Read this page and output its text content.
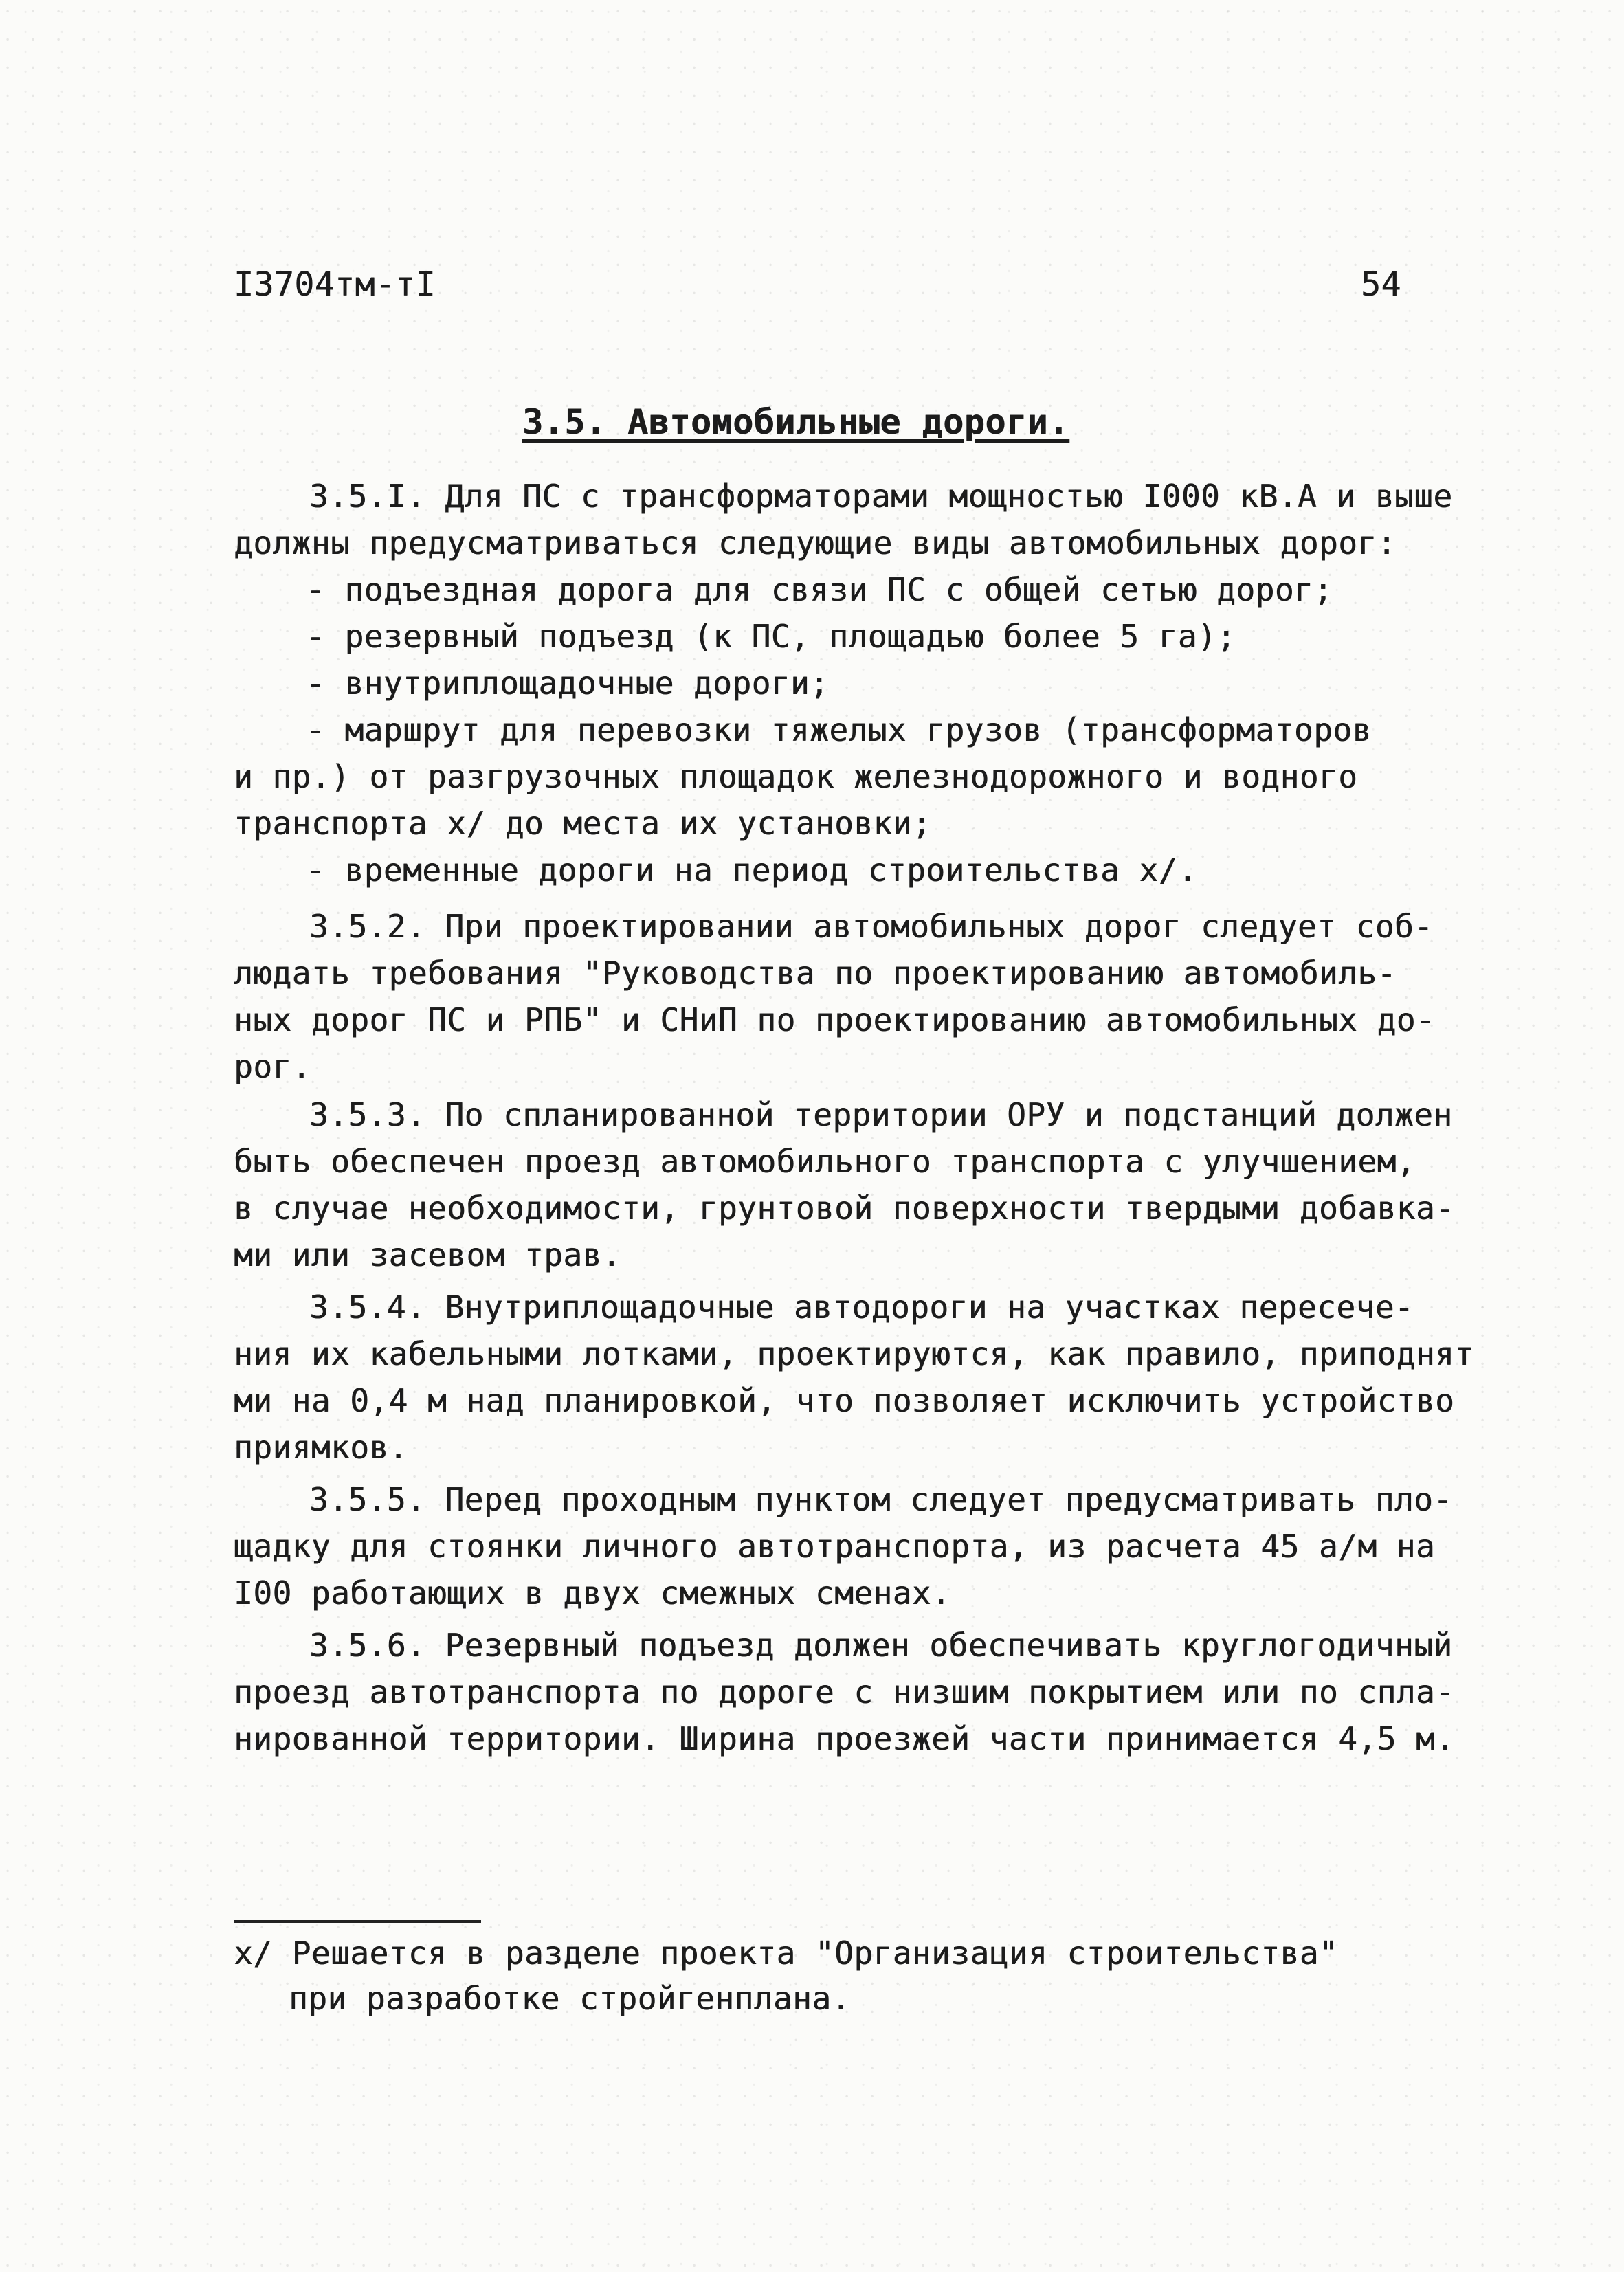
I3704тм-тI	54
3.5. Автомобильные дороги.
3.5.I. Для ПС с трансформаторами мощностью I000 кВ.А и выше
должны предусматриваться следующие виды автомобильных дорог:
- подъездная дорога для связи ПС с общей сетью дорог;
- резервный подъезд (к ПС, площадью более 5 га);
- внутриплощадочные дороги;
- маршрут для перевозки тяжелых грузов (трансформаторов
и пр.) от разгрузочных площадок железнодорожного и водного
транспорта х/ до места их установки;
- временные дороги на период строительства х/.
3.5.2. При проектировании автомобильных дорог следует соб-
людать требования "Руководства по проектированию автомобиль-
ных дорог ПС и РПБ" и СНиП по проектированию автомобильных до-
рог.
3.5.3. По спланированной территории ОРУ и подстанций должен
быть обеспечен проезд автомобильного транспорта с улучшением,
в случае необходимости, грунтовой поверхности твердыми добавка-
ми или засевом трав.
3.5.4. Внутриплощадочные автодороги на участках пересече-
ния их кабельными лотками, проектируются, как правило, приподнят
ми на 0,4 м над планировкой, что позволяет исключить устройство
приямков.
3.5.5. Перед проходным пунктом следует предусматривать пло-
щадку для стоянки личного автотранспорта, из расчета 45 а/м на
I00 работающих в двух смежных сменах.
3.5.6. Резервный подъезд должен обеспечивать круглогодичный
проезд автотранспорта по дороге с низшим покрытием или по спла-
нированной территории. Ширина проезжей части принимается 4,5 м.
х/ Решается в разделе проекта "Организация строительства"
при разработке стройгенплана.
